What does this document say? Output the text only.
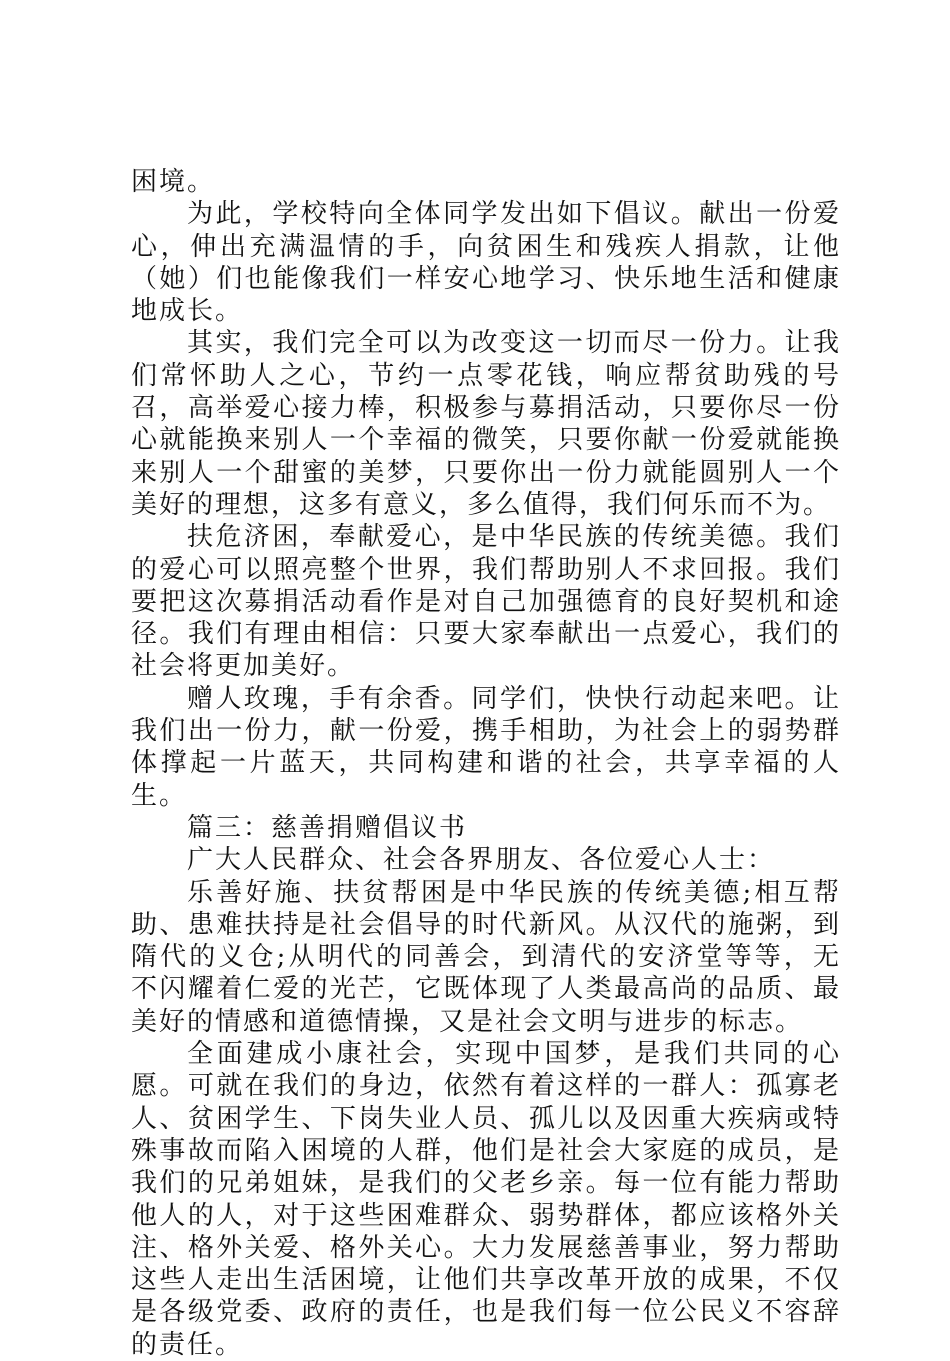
困境。

为此，学校特向全体同学发出如下倡议。献出一份爱心，伸出充满温情的手，向贫困生和残疾人捐款，让他（她）们也能像我们一样安心地学习、快乐地生活和健康地成长。

其实，我们完全可以为改变这一切而尽一份力。让我们常怀助人之心，节约一点零花钱，响应帮贫助残的号召，高举爱心接力棒，积极参与募捐活动，只要你尽一份心就能换来别人一个幸福的微笑，只要你献一份爱就能换来别人一个甜蜜的美梦，只要你出一份力就能圆别人一个美好的理想，这多有意义，多么值得，我们何乐而不为。

扶危济困，奉献爱心，是中华民族的传统美德。我们的爱心可以照亮整个世界，我们帮助别人不求回报。我们要把这次募捐活动看作是对自己加强德育的良好契机和途径。我们有理由相信：只要大家奉献出一点爱心，我们的社会将更加美好。

赠人玫瑰，手有余香。同学们，快快行动起来吧。让我们出一份力，献一份爱，携手相助，为社会上的弱势群体撑起一片蓝天，共同构建和谐的社会，共享幸福的人生。

篇三：慈善捐赠倡议书

广大人民群众、社会各界朋友、各位爱心人士：

乐善好施、扶贫帮困是中华民族的传统美德;相互帮助、患难扶持是社会倡导的时代新风。从汉代的施粥，到隋代的义仓;从明代的同善会，到清代的安济堂等等，无不闪耀着仁爱的光芒，它既体现了人类最高尚的品质、最美好的情感和道德情操，又是社会文明与进步的标志。

全面建成小康社会，实现中国梦，是我们共同的心愿。可就在我们的身边，依然有着这样的一群人：孤寡老人、贫困学生、下岗失业人员、孤儿以及因重大疾病或特殊事故而陷入困境的人群，他们是社会大家庭的成员，是我们的兄弟姐妹，是我们的父老乡亲。每一位有能力帮助他人的人，对于这些困难群众、弱势群体，都应该格外关注、格外关爱、格外关心。大力发展慈善事业，努力帮助这些人走出生活困境，让他们共享改革开放的成果，不仅是各级党委、政府的责任，也是我们每一位公民义不容辞的责任。
